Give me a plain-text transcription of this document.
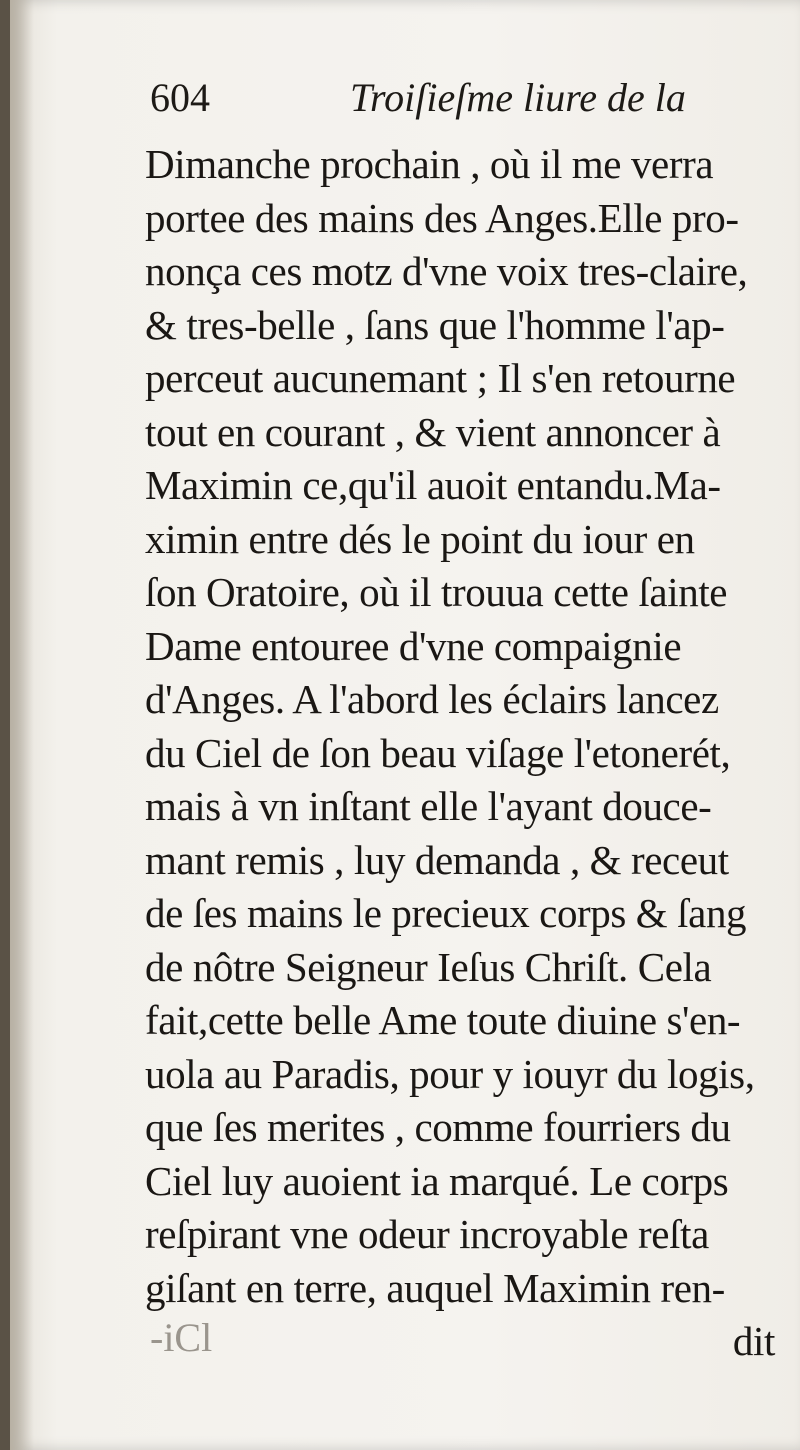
604	Troiſieſme liure de la
Dimanche prochain , où il me verra
portee des mains des Anges.Elle pro-
nonça ces motz d'vne voix tres-claire,
& tres-belle , ſans que l'homme l'ap-
perceut aucunemant ; Il s'en retourne
tout en courant , & vient annoncer à
Maximin ce,qu'il auoit entandu.Ma-
ximin entre dés le point du iour en
ſon Oratoire, où il trouua cette ſainte
Dame entouree d'vne compaignie
d'Anges. A l'abord les éclairs lancez
du Ciel de ſon beau viſage l'etonerét,
mais à vn inſtant elle l'ayant douce-
mant remis , luy demanda , & receut
de ſes mains le precieux corps & ſang
de nôtre Seigneur Ieſus Chriſt. Cela
fait,cette belle Ame toute diuine s'en-
uola au Paradis, pour y iouyr du logis,
que ſes merites , comme fourriers du
Ciel luy auoient ia marqué. Le corps
reſpirant vne odeur incroyable reſta
giſant en terre, auquel Maximin ren-
dit
-iCl
